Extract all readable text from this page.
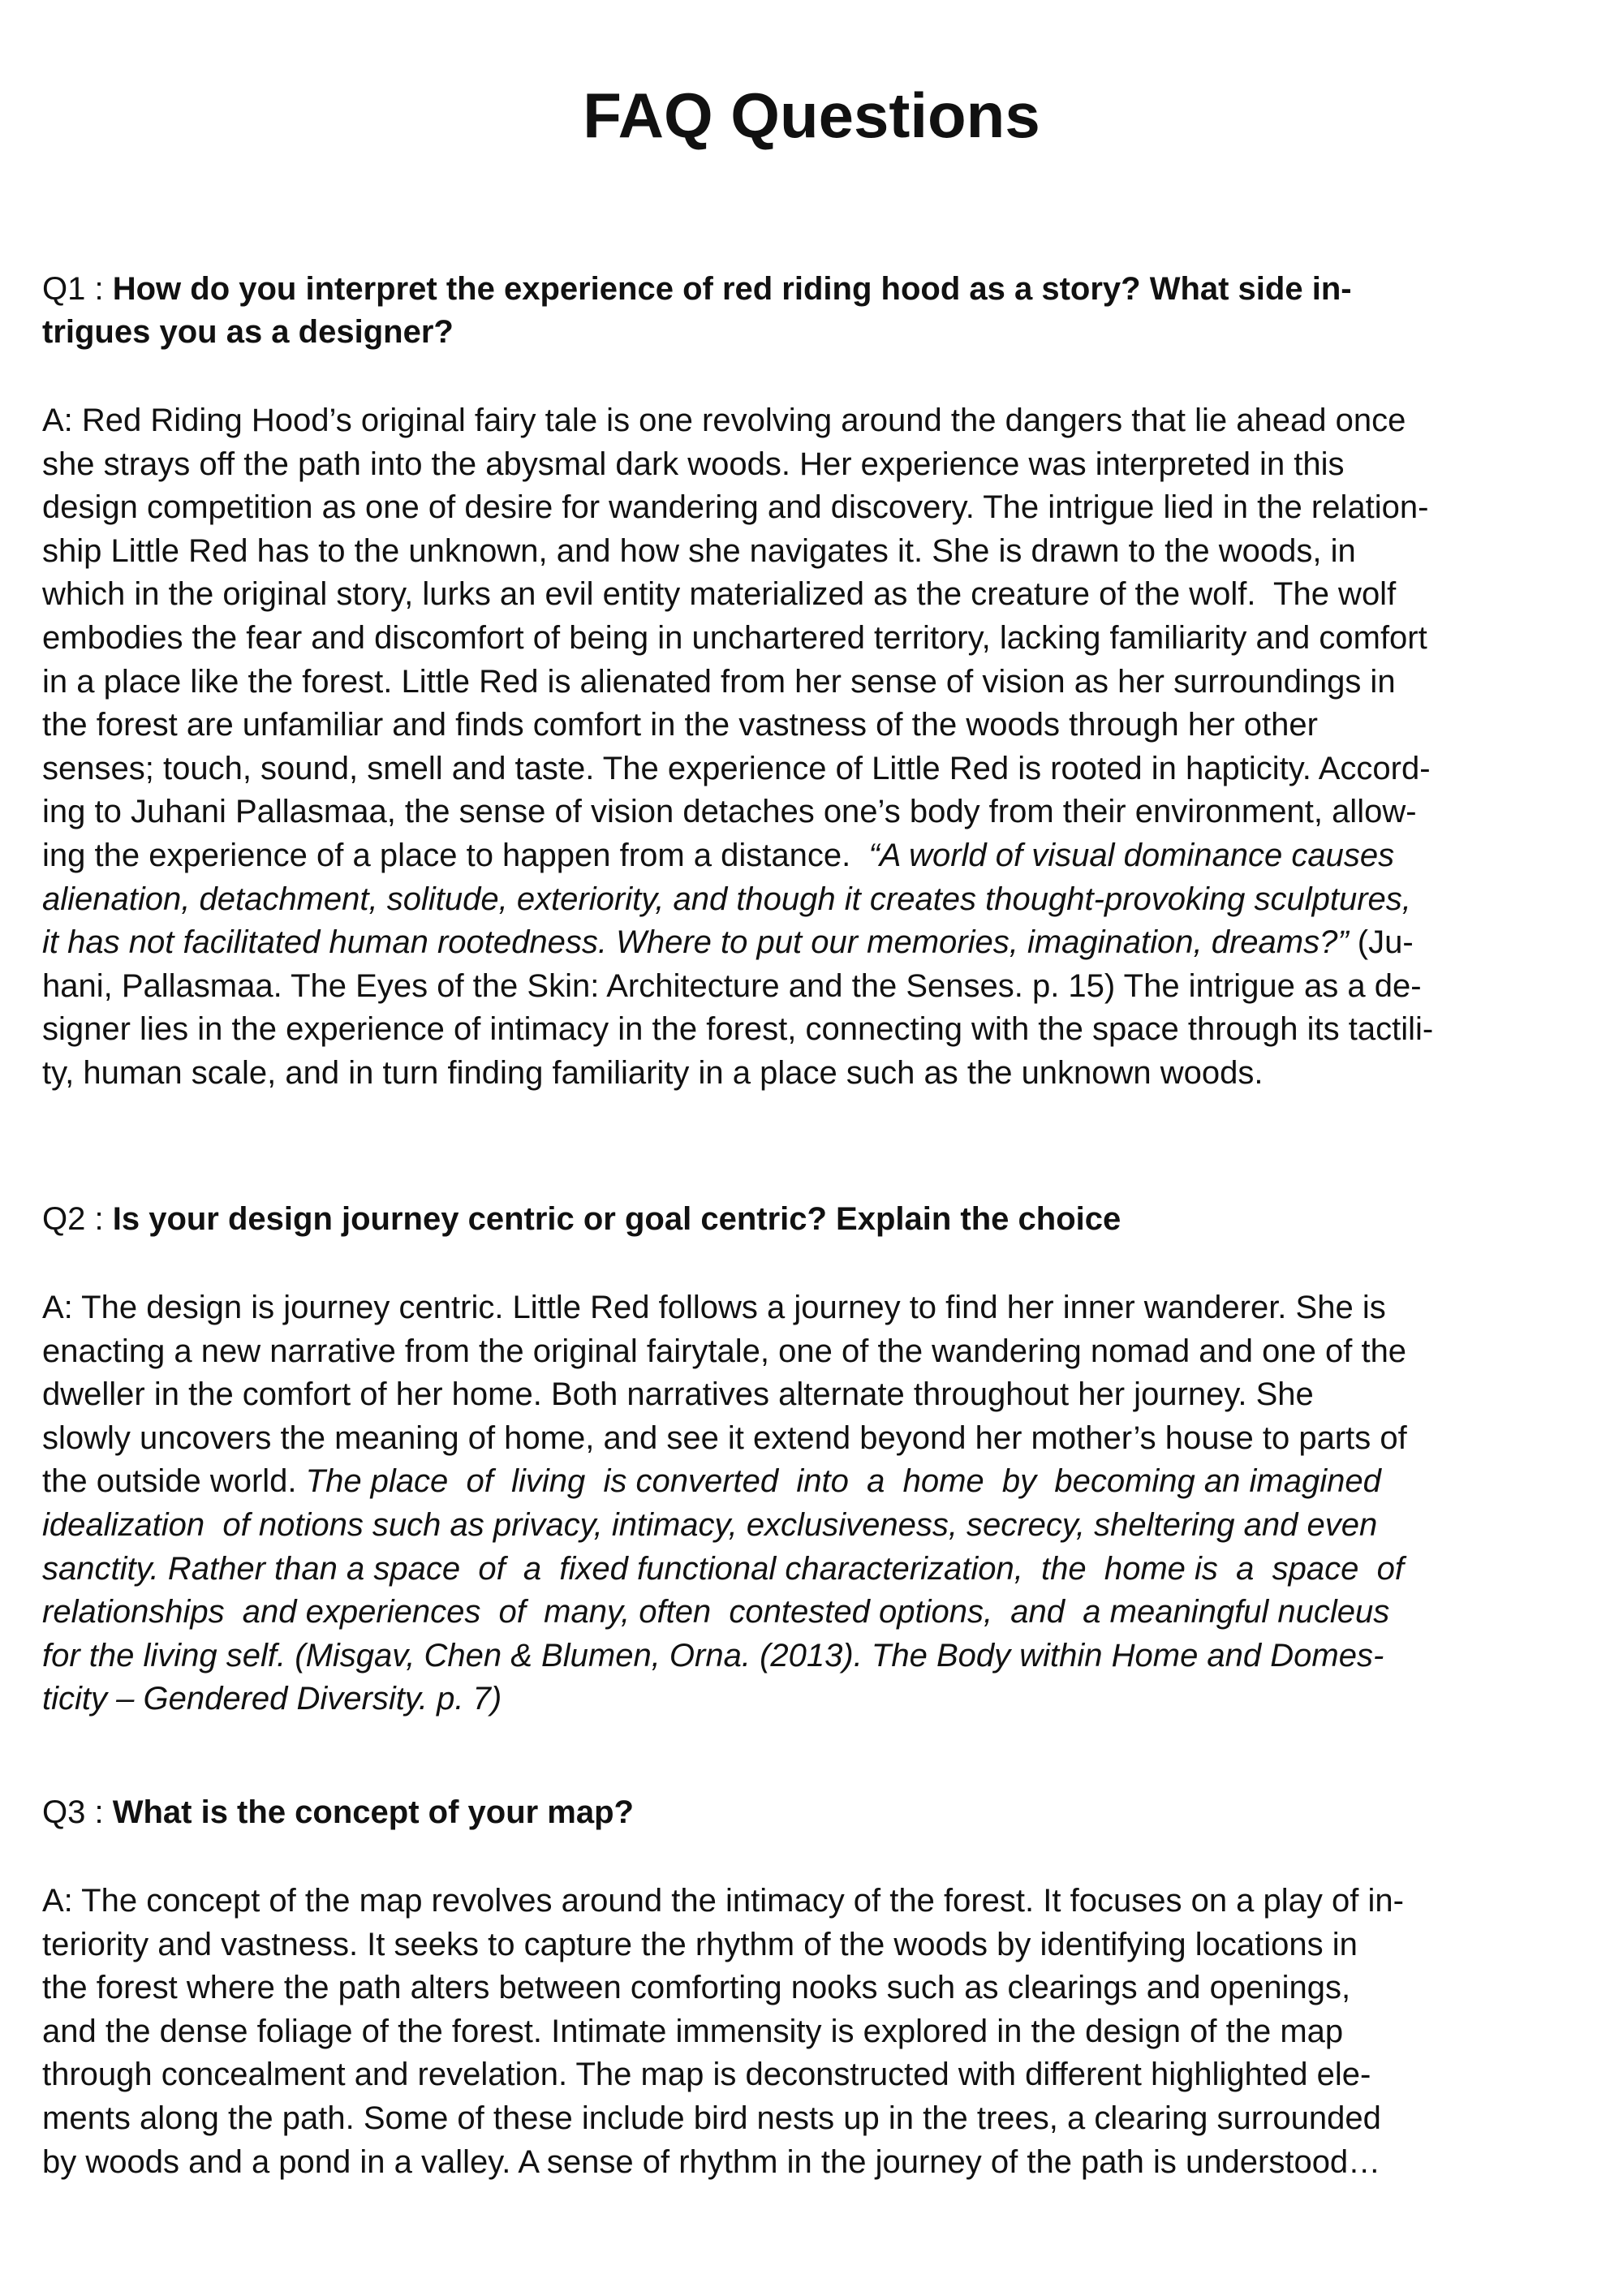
FAQ Questions

Q1 : How do you interpret the experience of red riding hood as a story? What side in-
trigues you as a designer?

A: Red Riding Hood’s original fairy tale is one revolving around the dangers that lie ahead once
she strays off the path into the abysmal dark woods. Her experience was interpreted in this
design competition as one of desire for wandering and discovery. The intrigue lied in the relation-
ship Little Red has to the unknown, and how she navigates it. She is drawn to the woods, in
which in the original story, lurks an evil entity materialized as the creature of the wolf.  The wolf
embodies the fear and discomfort of being in unchartered territory, lacking familiarity and comfort
in a place like the forest. Little Red is alienated from her sense of vision as her surroundings in
the forest are unfamiliar and finds comfort in the vastness of the woods through her other
senses; touch, sound, smell and taste. The experience of Little Red is rooted in hapticity. Accord-
ing to Juhani Pallasmaa, the sense of vision detaches one’s body from their environment, allow-
ing the experience of a place to happen from a distance.  “A world of visual dominance causes
alienation, detachment, solitude, exteriority, and though it creates thought-provoking sculptures,
it has not facilitated human rootedness. Where to put our memories, imagination, dreams?” (Ju-
hani, Pallasmaa. The Eyes of the Skin: Architecture and the Senses. p. 15) The intrigue as a de-
signer lies in the experience of intimacy in the forest, connecting with the space through its tactili-
ty, human scale, and in turn finding familiarity in a place such as the unknown woods.

Q2 : Is your design journey centric or goal centric? Explain the choice

A: The design is journey centric. Little Red follows a journey to find her inner wanderer. She is
enacting a new narrative from the original fairytale, one of the wandering nomad and one of the
dweller in the comfort of her home. Both narratives alternate throughout her journey. She
slowly uncovers the meaning of home, and see it extend beyond her mother’s house to parts of
the outside world. The place  of  living  is converted  into  a  home  by  becoming an imagined
idealization  of notions such as privacy, intimacy, exclusiveness, secrecy, sheltering and even
sanctity. Rather than a space  of  a  fixed functional characterization,  the  home is  a  space  of
relationships  and experiences  of  many, often  contested options,  and  a meaningful nucleus
for the living self. (Misgav, Chen & Blumen, Orna. (2013). The Body within Home and Domes-
ticity – Gendered Diversity. p. 7)

Q3 : What is the concept of your map?

A: The concept of the map revolves around the intimacy of the forest. It focuses on a play of in-
teriority and vastness. It seeks to capture the rhythm of the woods by identifying locations in
the forest where the path alters between comforting nooks such as clearings and openings,
and the dense foliage of the forest. Intimate immensity is explored in the design of the map
through concealment and revelation. The map is deconstructed with different highlighted ele-
ments along the path. Some of these include bird nests up in the trees, a clearing surrounded
by woods and a pond in a valley. A sense of rhythm in the journey of the path is understood…
